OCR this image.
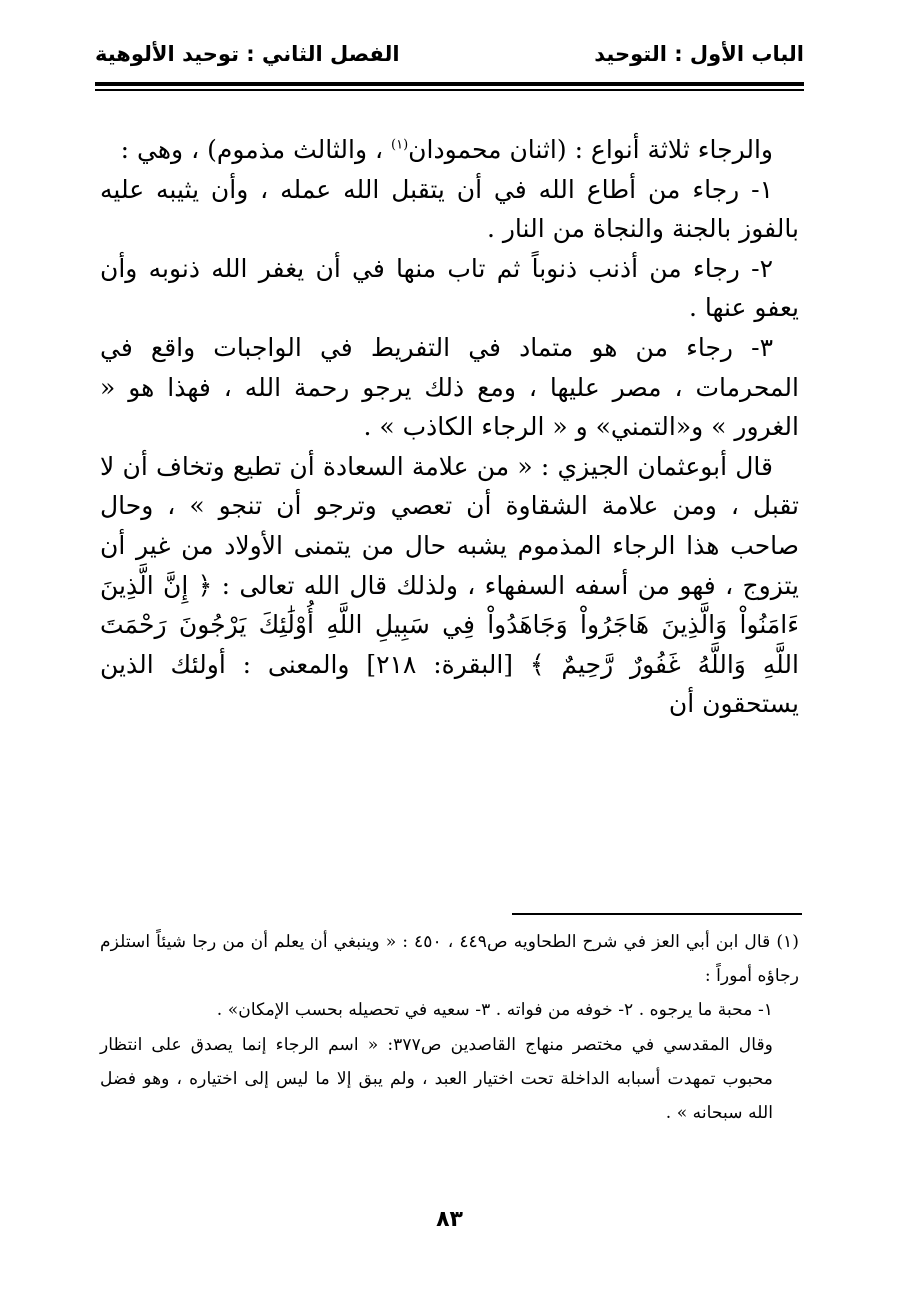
الباب الأول : التوحيد
الفصل الثاني : توحيد الألوهية

والرجاء ثلاثة أنواع : (اثنان محمودان$^{(١)}$ ، والثالث مذموم) ، وهي :

١- رجاء من أطاع الله في أن يتقبل الله عمله ، وأن يثيبه عليه بالفوز بالجنة والنجاة من النار .

٢- رجاء من أذنب ذنوباً ثم تاب منها في أن يغفر الله ذنوبه وأن يعفو عنها .

٣- رجاء من هو متماد في التفريط في الواجبات واقع في المحرمات ، مصر عليها ، ومع ذلك يرجو رحمة الله ، فهذا هو « الغرور » و«التمني» و « الرجاء الكاذب » .

قال أبوعثمان الجيزي : « من علامة السعادة أن تطيع وتخاف أن لا تقبل ، ومن علامة الشقاوة أن تعصي وترجو أن تنجو » ، وحال صاحب هذا الرجاء المذموم يشبه حال من يتمنى الأولاد من غير أن يتزوج ، فهو من أسفه السفهاء ، ولذلك قال الله تعالى : ﴿ إِنَّ الَّذِينَ ءَامَنُواْ وَالَّذِينَ هَاجَرُواْ وَجَاهَدُواْ فِي سَبِيلِ اللَّهِ أُوْلَٰئِكَ يَرْجُونَ رَحْمَتَ اللَّهِ وَاللَّهُ غَفُورٌ رَّحِيمٌ ﴾ [البقرة: ٢١٨] والمعنى : أولئك الذين يستحقون أن

(١) قال ابن أبي العز في شرح الطحاويه ص٤٤٩ ، ٤٥٠ : « وينبغي أن يعلم أن من رجا شيئاً استلزم رجاؤه أموراً :

١- محبة ما يرجوه . ٢- خوفه من فواته . ٣- سعيه في تحصيله بحسب الإمكان» .

وقال المقدسي في مختصر منهاج القاصدين ص٣٧٧: « اسم الرجاء إنما يصدق على انتظار محبوب تمهدت أسبابه الداخلة تحت اختيار العبد ، ولم يبق إلا ما ليس إلى اختياره ، وهو فضل الله سبحانه » .

٨٣
